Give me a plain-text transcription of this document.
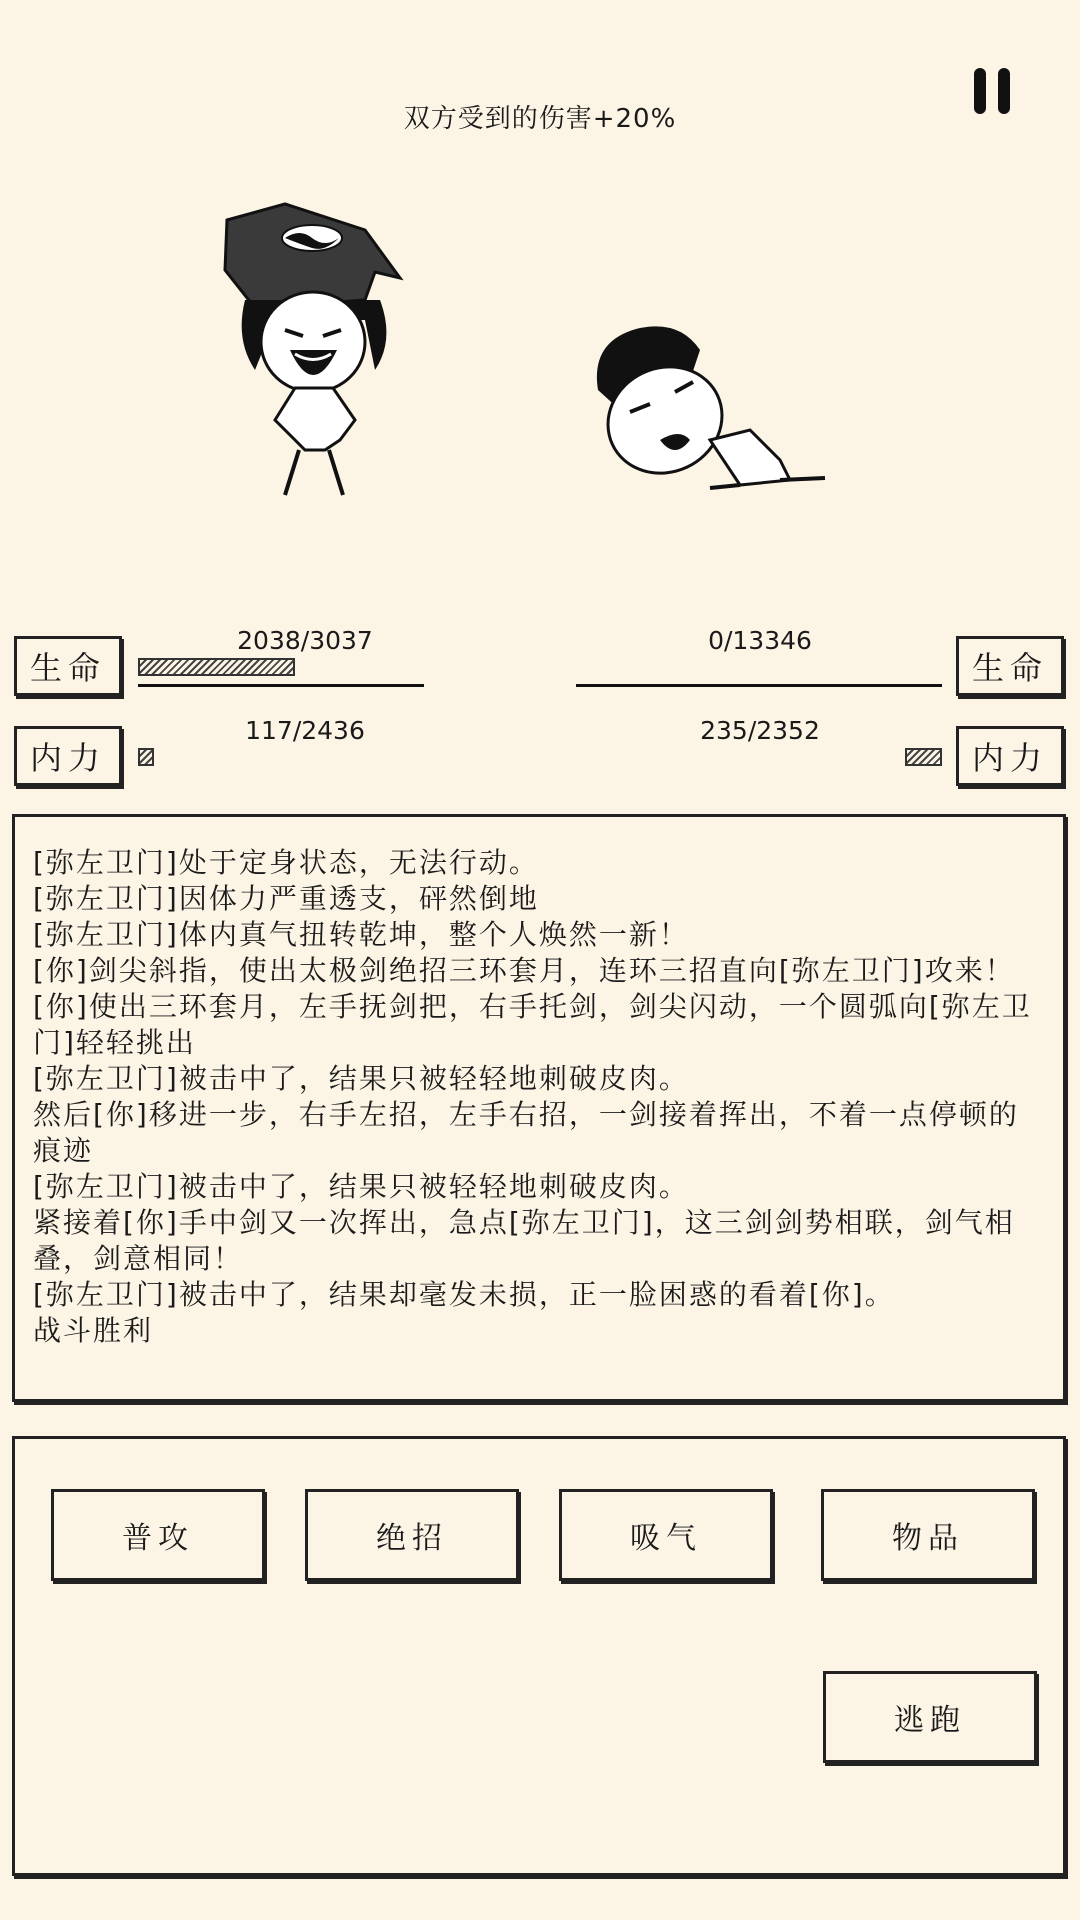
双方受到的伤害+20%
生命
2038/3037	0/13346
生命
内力
117/2436	235/2352
内力
[弥左卫门]处于定身状态，无法行动。
[弥左卫门]因体力严重透支，砰然倒地
[弥左卫门]体内真气扭转乾坤，整个人焕然一新！
[你]剑尖斜指，使出太极剑绝招三环套月，连环三招直向[弥左卫门]攻来！
[你]使出三环套月，左手抚剑把，右手托剑，剑尖闪动，一个圆弧向[弥左卫门]轻轻挑出
[弥左卫门]被击中了，结果只被轻轻地刺破皮肉。
然后[你]移进一步，右手左招，左手右招，一剑接着挥出，不着一点停顿的痕迹
[弥左卫门]被击中了，结果只被轻轻地刺破皮肉。
紧接着[你]手中剑又一次挥出，急点[弥左卫门]，这三剑剑势相联，剑气相叠，剑意相同！
[弥左卫门]被击中了，结果却毫发未损，正一脸困惑的看着[你]。
战斗胜利
普攻	绝招	吸气	物品
逃跑
